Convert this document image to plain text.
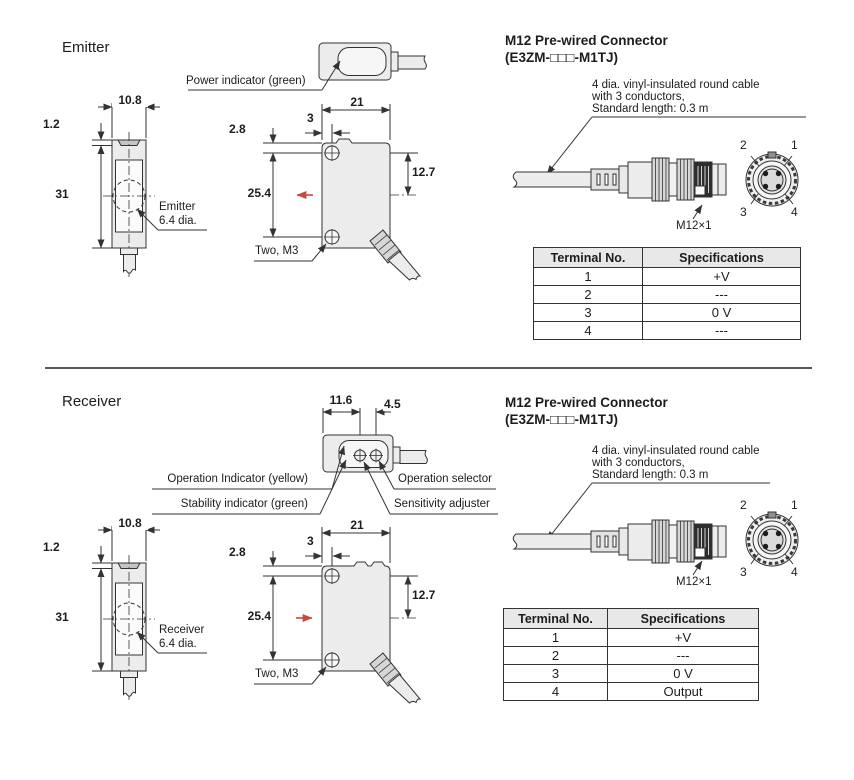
Emitter
Power indicator (green)
10.8
1.2
31
Emitter
6.4 dia.
21
3
2.8
25.4
12.7
Two, M3
M12 Pre-wired Connector
(E3ZM-□□□-M1TJ)
4 dia. vinyl-insulated round cable
with 3 conductors,
Standard length: 0.3 m
M12×1
2	1
3	4
Terminal No.	Specifications
1	+V
2	---
3	0 V
4	---
Receiver	11.6	4.5
Operation Indicator (yellow)
Stability indicator (green)
Operation selector
Sensitivity adjuster
10.8
1.2
31
Receiver
6.4 dia.
21
3
2.8
25.4
12.7
Two, M3
M12 Pre-wired Connector
(E3ZM-□□□-M1TJ)
4 dia. vinyl-insulated round cable
with 3 conductors,
Standard length: 0.3 m
M12×1
2	1
3	4
Terminal No.	Specifications
1	+V
2	---
3	0 V
4	Output
